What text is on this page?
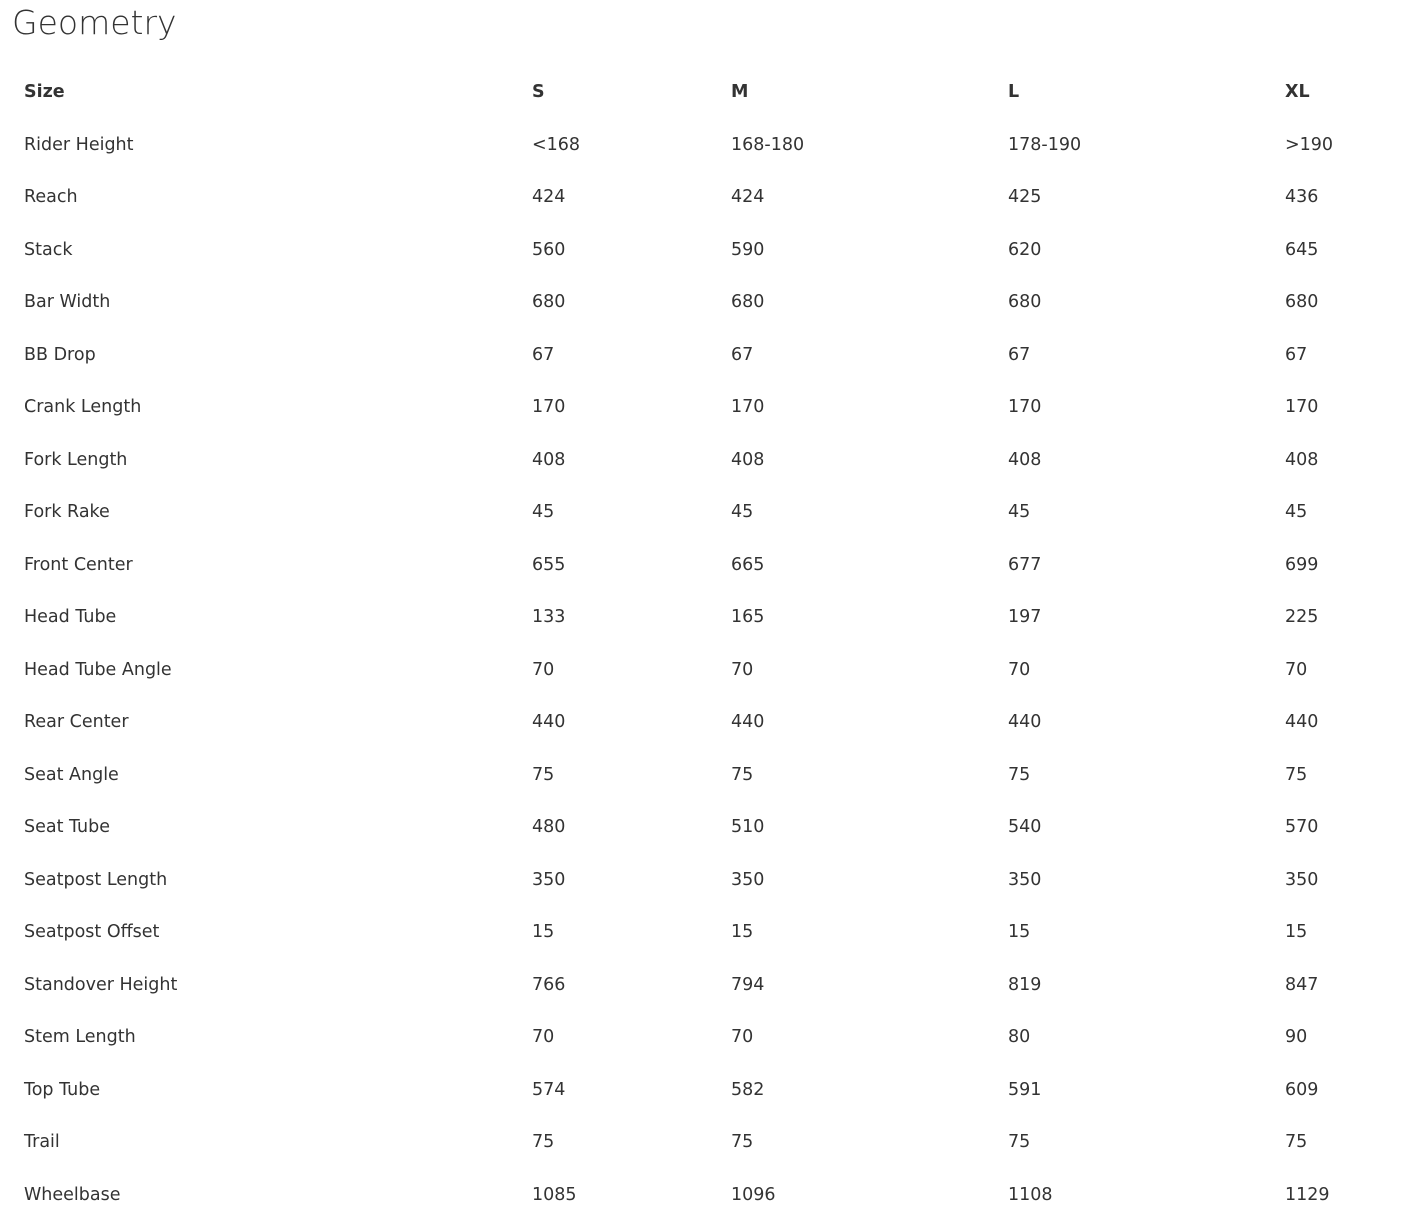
Geometry
Size	S	M	L	XL
Rider Height	<168	168-180	178-190	>190
Reach	424	424	425	436
Stack	560	590	620	645
Bar Width	680	680	680	680
BB Drop	67	67	67	67
Crank Length	170	170	170	170
Fork Length	408	408	408	408
Fork Rake	45	45	45	45
Front Center	655	665	677	699
Head Tube	133	165	197	225
Head Tube Angle	70	70	70	70
Rear Center	440	440	440	440
Seat Angle	75	75	75	75
Seat Tube	480	510	540	570
Seatpost Length	350	350	350	350
Seatpost Offset	15	15	15	15
Standover Height	766	794	819	847
Stem Length	70	70	80	90
Top Tube	574	582	591	609
Trail	75	75	75	75
Wheelbase	1085	1096	1108	1129
